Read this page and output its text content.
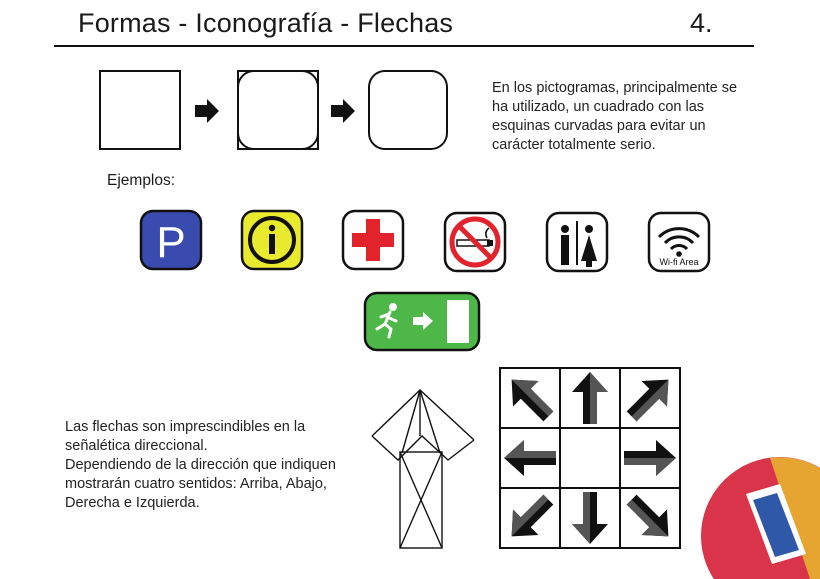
Formas - Iconografía - Flechas	4.
En los pictogramas, principalmente se
ha utilizado, un cuadrado con las
esquinas curvadas para evitar un
carácter totalmente serio.
Ejemplos:
P	Wi-fi Area
Las flechas son imprescindibles en la
señalética direccional.
Dependiendo de la dirección que indiquen
mostrarán cuatro sentidos: Arriba, Abajo,
Derecha e Izquierda.
